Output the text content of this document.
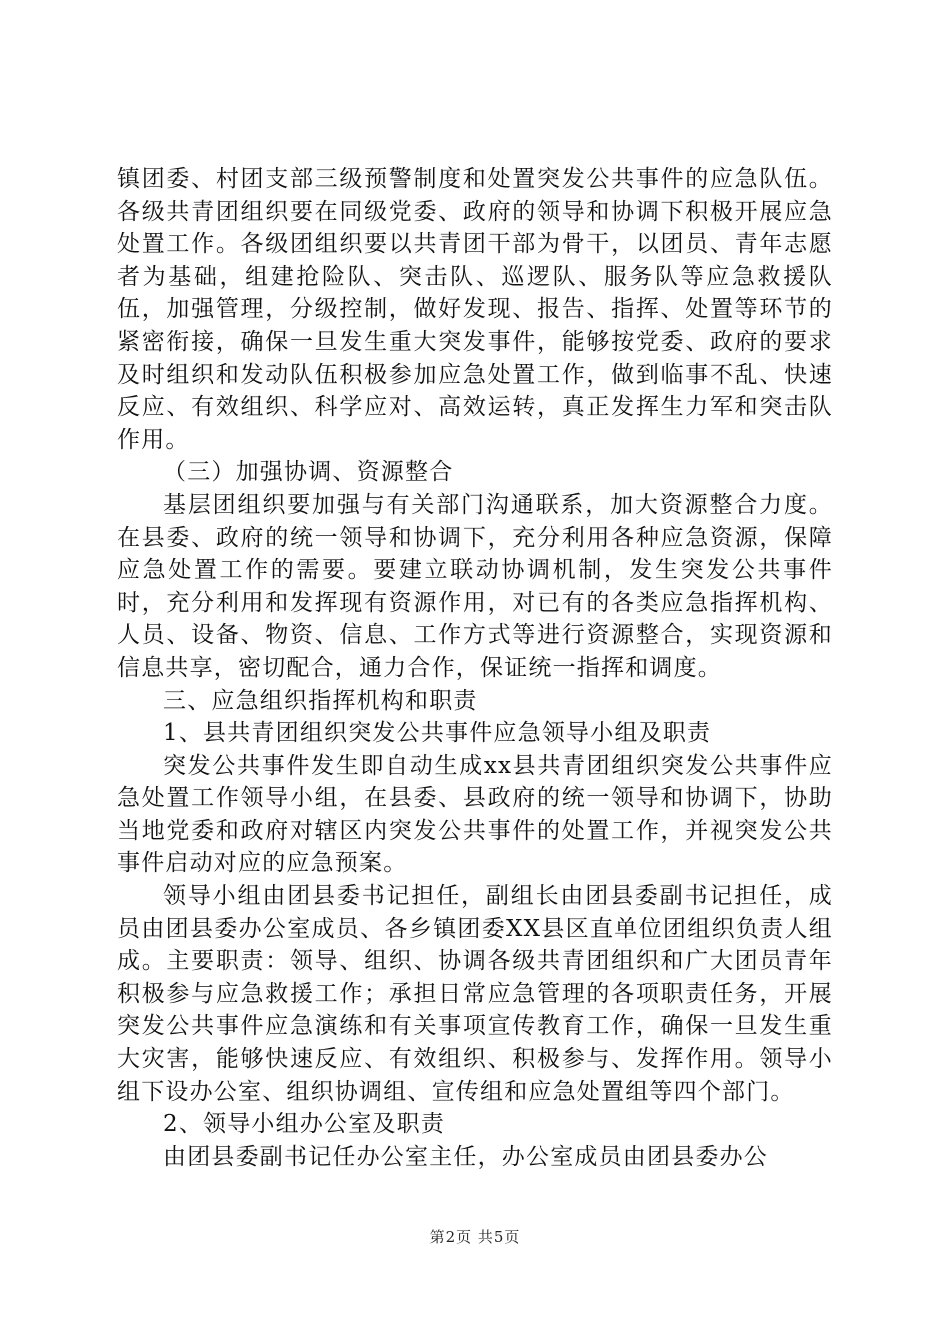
镇团委、村团支部三级预警制度和处置突发公共事件的应急队伍。各级共青团组织要在同级党委、政府的领导和协调下积极开展应急处置工作。各级团组织要以共青团干部为骨干，以团员、青年志愿者为基础，组建抢险队、突击队、巡逻队、服务队等应急救援队伍，加强管理，分级控制，做好发现、报告、指挥、处置等环节的紧密衔接，确保一旦发生重大突发事件，能够按党委、政府的要求及时组织和发动队伍积极参加应急处置工作，做到临事不乱、快速反应、有效组织、科学应对、高效运转，真正发挥生力军和突击队作用。

（三）加强协调、资源整合

基层团组织要加强与有关部门沟通联系，加大资源整合力度。在县委、政府的统一领导和协调下，充分利用各种应急资源，保障应急处置工作的需要。要建立联动协调机制，发生突发公共事件时，充分利用和发挥现有资源作用，对已有的各类应急指挥机构、人员、设备、物资、信息、工作方式等进行资源整合，实现资源和信息共享，密切配合，通力合作，保证统一指挥和调度。

三、应急组织指挥机构和职责

1、县共青团组织突发公共事件应急领导小组及职责

突发公共事件发生即自动生成xx县共青团组织突发公共事件应急处置工作领导小组，在县委、县政府的统一领导和协调下，协助当地党委和政府对辖区内突发公共事件的处置工作，并视突发公共事件启动对应的应急预案。

领导小组由团县委书记担任，副组长由团县委副书记担任，成员由团县委办公室成员、各乡镇团委XX县区直单位团组织负责人组成。主要职责：领导、组织、协调各级共青团组织和广大团员青年积极参与应急救援工作；承担日常应急管理的各项职责任务，开展突发公共事件应急演练和有关事项宣传教育工作，确保一旦发生重大灾害，能够快速反应、有效组织、积极参与、发挥作用。领导小组下设办公室、组织协调组、宣传组和应急处置组等四个部门。

2、领导小组办公室及职责

由团县委副书记任办公室主任，办公室成员由团县委办公

第2页 共5页
